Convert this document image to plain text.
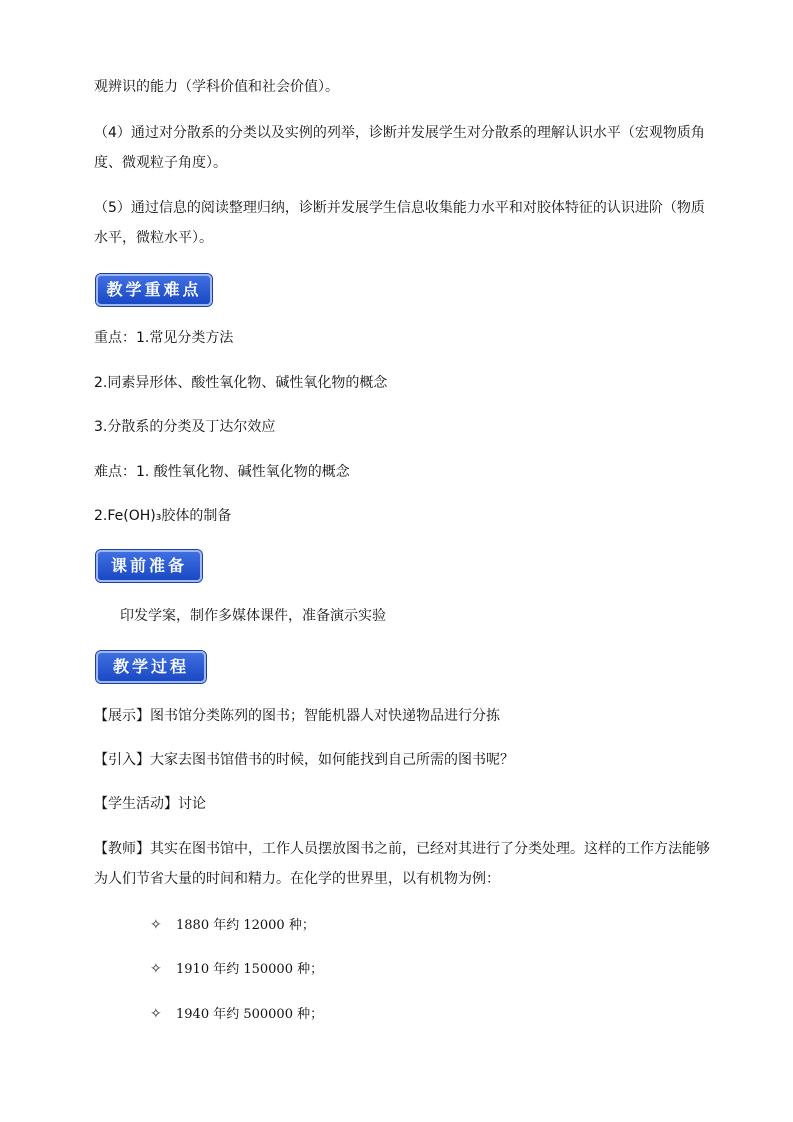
观辨识的能力（学科价值和社会价值）。
（4）通过对分散系的分类以及实例的列举，诊断并发展学生对分散系的理解认识水平（宏观物质角度、微观粒子角度）。
（5）通过信息的阅读整理归纳，诊断并发展学生信息收集能力水平和对胶体特征的认识进阶（物质水平，微粒水平）。
教学重难点
重点：1.常见分类方法
2.同素异形体、酸性氧化物、碱性氧化物的概念
3.分散系的分类及丁达尔效应
难点：1. 酸性氧化物、碱性氧化物的概念
2.Fe(OH)₃胶体的制备
课前准备
印发学案，制作多媒体课件，准备演示实验
教学过程
【展示】图书馆分类陈列的图书；智能机器人对快递物品进行分拣
【引入】大家去图书馆借书的时候，如何能找到自己所需的图书呢？
【学生活动】讨论
【教师】其实在图书馆中，工作人员摆放图书之前，已经对其进行了分类处理。这样的工作方法能够为人们节省大量的时间和精力。在化学的世界里，以有机物为例：
✧ 1880 年约 12000 种；
✧ 1910 年约 150000 种；
✧ 1940 年约 500000 种；
